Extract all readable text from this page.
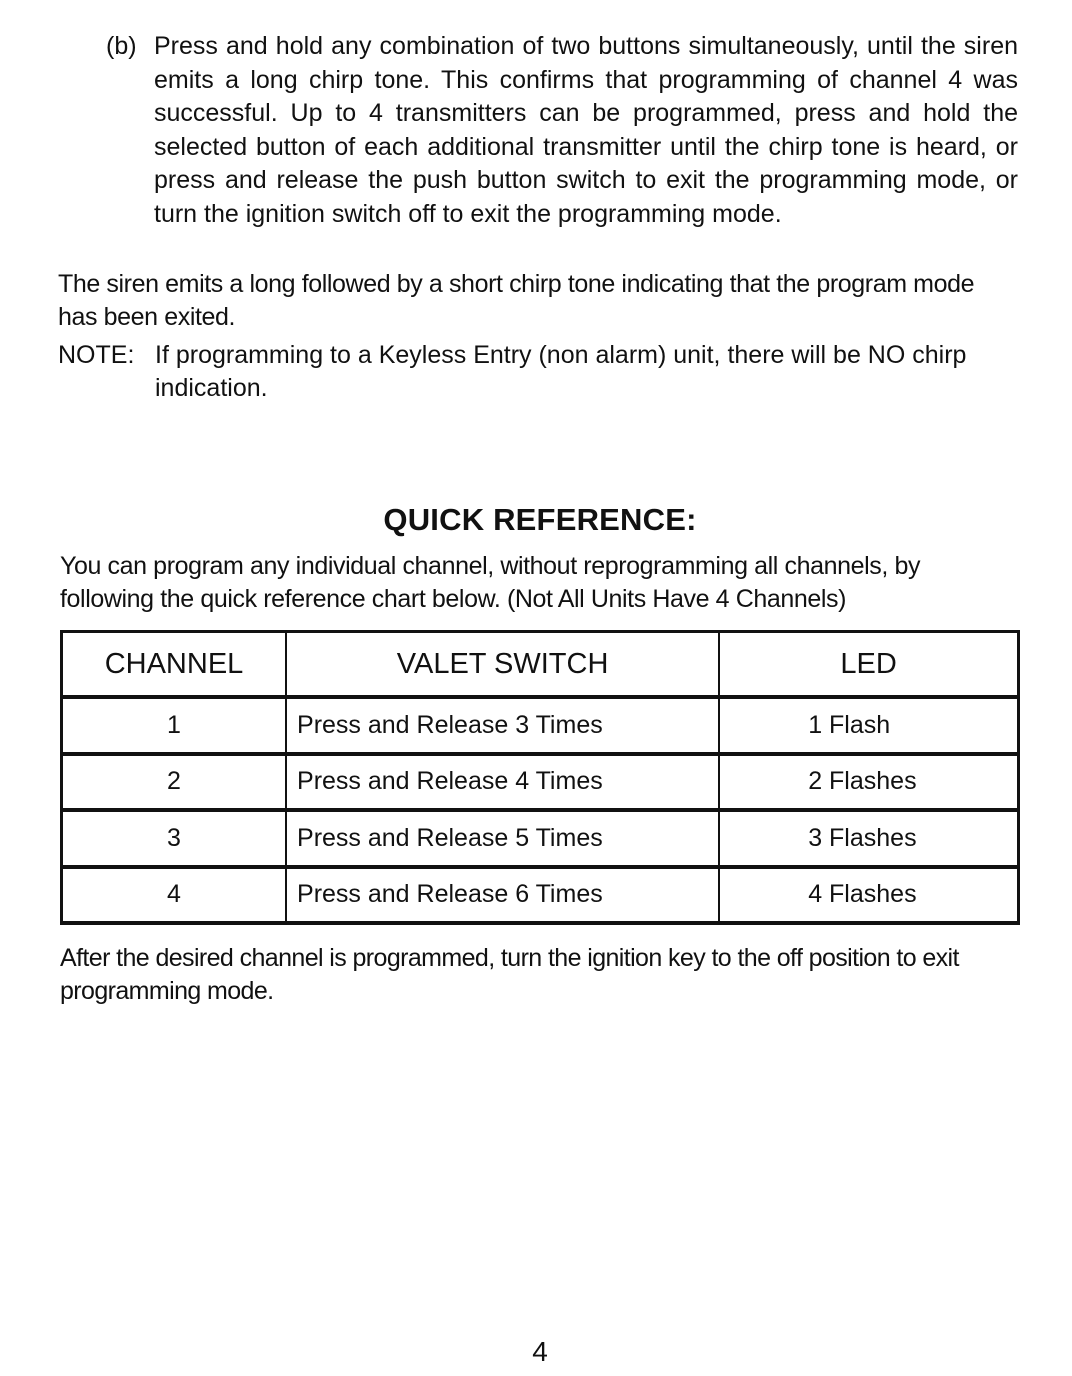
(b) Press and hold any combination of two buttons simultaneously, until the siren emits a long chirp tone. This confirms that programming of channel 4 was successful. Up to 4 transmitters can be programmed, press and hold the selected button of each additional transmitter until the chirp tone is heard, or press and release the push button switch to exit the programming mode, or turn the ignition switch off to exit the programming mode.
The siren emits a long followed by a short chirp tone indicating that the program mode has been exited.
NOTE: If programming to a Keyless Entry (non alarm) unit, there will be NO chirp indication.
QUICK REFERENCE:
You can program any individual channel, without reprogramming all channels, by following the quick reference chart below. (Not All Units Have 4 Channels)
CHANNEL	VALET SWITCH	LED
1	Press and Release 3 Times	1 Flash
2	Press and Release 4 Times	2 Flashes
3	Press and Release 5 Times	3 Flashes
4	Press and Release 6 Times	4 Flashes
After the desired channel is programmed, turn the ignition key to the off position to exit programming mode.
4
